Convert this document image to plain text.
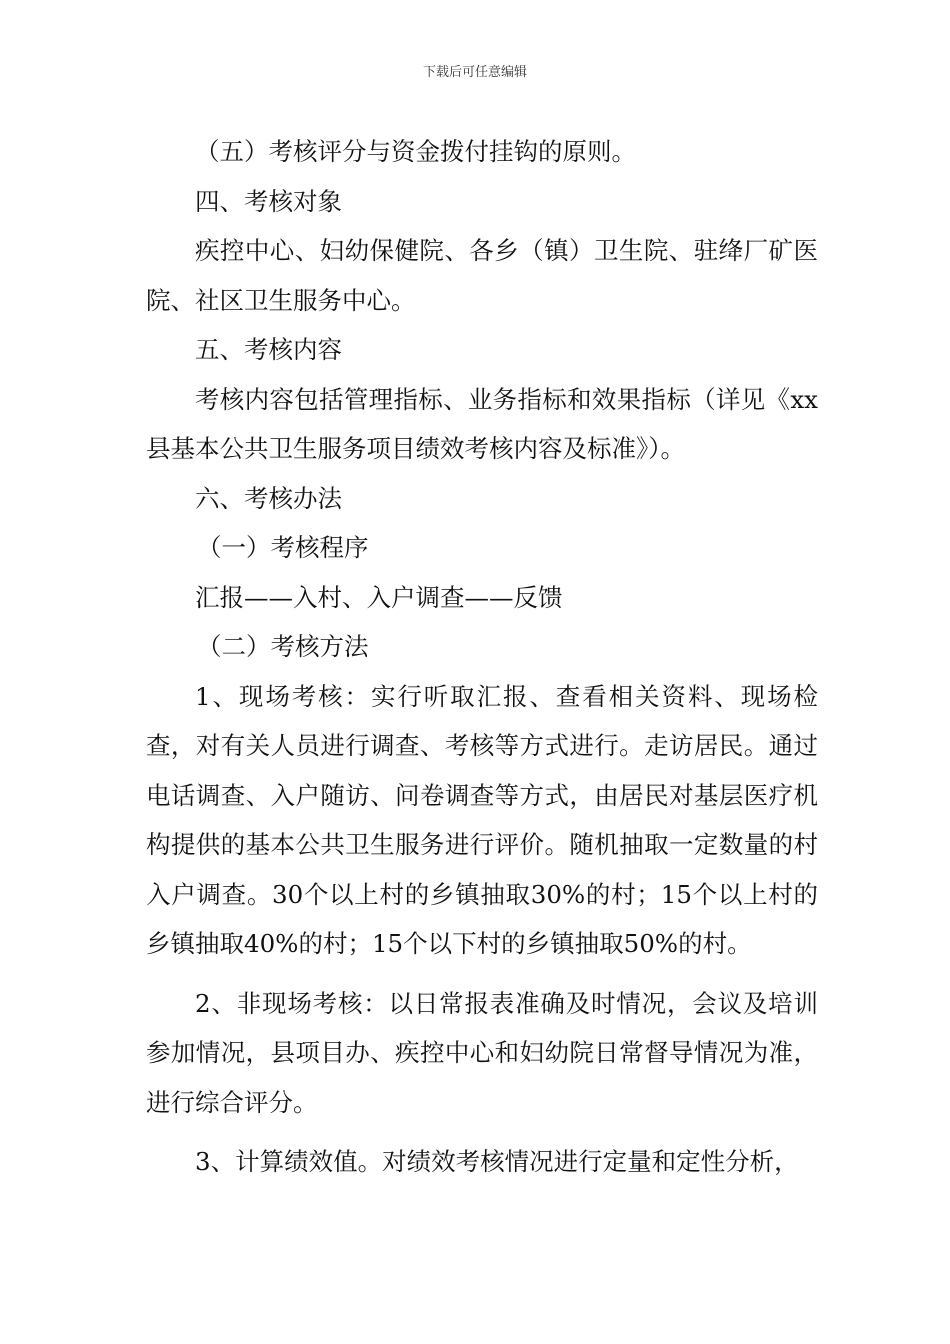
下载后可任意编辑

（五）考核评分与资金拨付挂钩的原则。

四、考核对象

疾控中心、妇幼保健院、各乡（镇）卫生院、驻绛厂矿医院、社区卫生服务中心。

五、考核内容

考核内容包括管理指标、业务指标和效果指标（详见《xx县基本公共卫生服务项目绩效考核内容及标准》）。

六、考核办法

（一）考核程序

汇报——入村、入户调查——反馈

（二）考核方法

1、现场考核：实行听取汇报、查看相关资料、现场检查，对有关人员进行调查、考核等方式进行。走访居民。通过电话调查、入户随访、问卷调查等方式，由居民对基层医疗机构提供的基本公共卫生服务进行评价。随机抽取一定数量的村入户调查。30个以上村的乡镇抽取30%的村；15个以上村的乡镇抽取40%的村；15个以下村的乡镇抽取50%的村。

2、非现场考核：以日常报表准确及时情况，会议及培训参加情况，县项目办、疾控中心和妇幼院日常督导情况为准，进行综合评分。

3、计算绩效值。对绩效考核情况进行定量和定性分析，
